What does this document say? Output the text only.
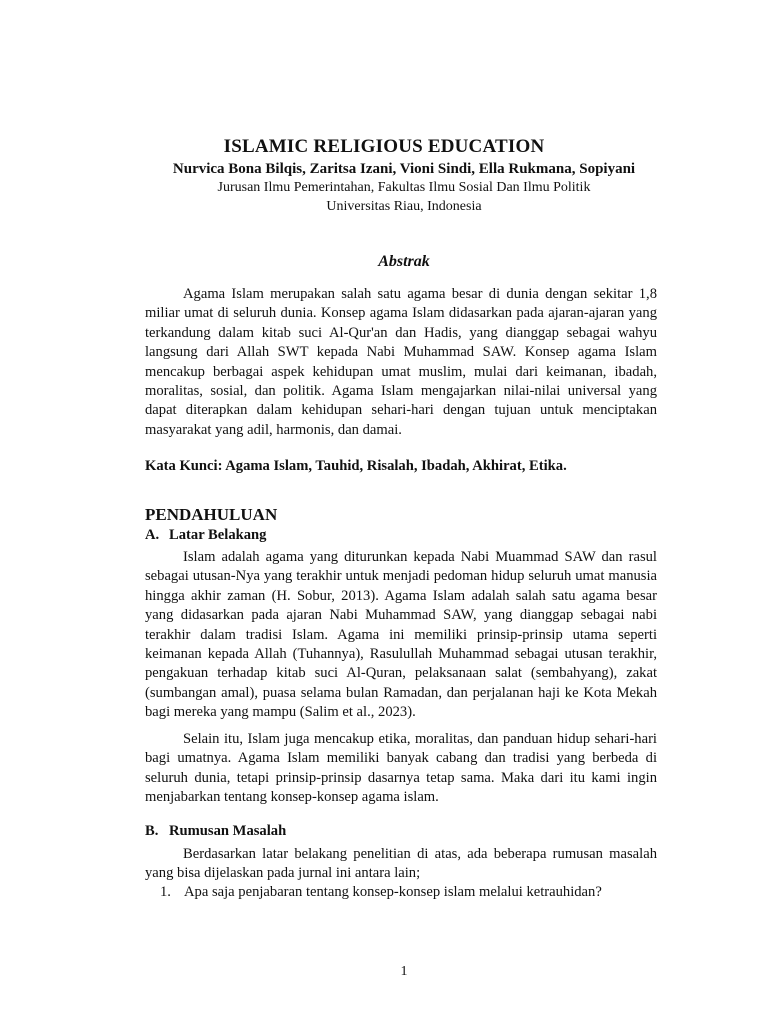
ISLAMIC RELIGIOUS EDUCATION
Nurvica Bona Bilqis, Zaritsa Izani, Vioni Sindi, Ella Rukmana, Sopiyani
Jurusan Ilmu Pemerintahan, Fakultas Ilmu Sosial Dan Ilmu Politik
Universitas Riau, Indonesia
Abstrak

Agama Islam merupakan salah satu agama besar di dunia dengan sekitar 1,8 miliar umat di seluruh dunia. Konsep agama Islam didasarkan pada ajaran-ajaran yang terkandung dalam kitab suci Al-Qur'an dan Hadis, yang dianggap sebagai wahyu langsung dari Allah SWT kepada Nabi Muhammad SAW. Konsep agama Islam mencakup berbagai aspek kehidupan umat muslim, mulai dari keimanan, ibadah, moralitas, sosial, dan politik. Agama Islam mengajarkan nilai-nilai universal yang dapat diterapkan dalam kehidupan sehari-hari dengan tujuan untuk menciptakan masyarakat yang adil, harmonis, dan damai.

Kata Kunci: Agama Islam, Tauhid, Risalah, Ibadah, Akhirat, Etika.
PENDAHULUAN
A. Latar Belakang

Islam adalah agama yang diturunkan kepada Nabi Muammad SAW dan rasul sebagai utusan-Nya yang terakhir untuk menjadi pedoman hidup seluruh umat manusia hingga akhir zaman (H. Sobur, 2013). Agama Islam adalah salah satu agama besar yang didasarkan pada ajaran Nabi Muhammad SAW, yang dianggap sebagai nabi terakhir dalam tradisi Islam. Agama ini memiliki prinsip-prinsip utama seperti keimanan kepada Allah (Tuhannya), Rasulullah Muhammad sebagai utusan terakhir, pengakuan terhadap kitab suci Al-Quran, pelaksanaan salat (sembahyang), zakat (sumbangan amal), puasa selama bulan Ramadan, dan perjalanan haji ke Kota Mekah bagi mereka yang mampu (Salim et al., 2023).

Selain itu, Islam juga mencakup etika, moralitas, dan panduan hidup sehari-hari bagi umatnya. Agama Islam memiliki banyak cabang dan tradisi yang berbeda di seluruh dunia, tetapi prinsip-prinsip dasarnya tetap sama. Maka dari itu kami ingin menjabarkan tentang konsep-konsep agama islam.

B. Rumusan Masalah

Berdasarkan latar belakang penelitian di atas, ada beberapa rumusan masalah yang bisa dijelaskan pada jurnal ini antara lain;

1. Apa saja penjabaran tentang konsep-konsep islam melalui ketrauhidan?
1
